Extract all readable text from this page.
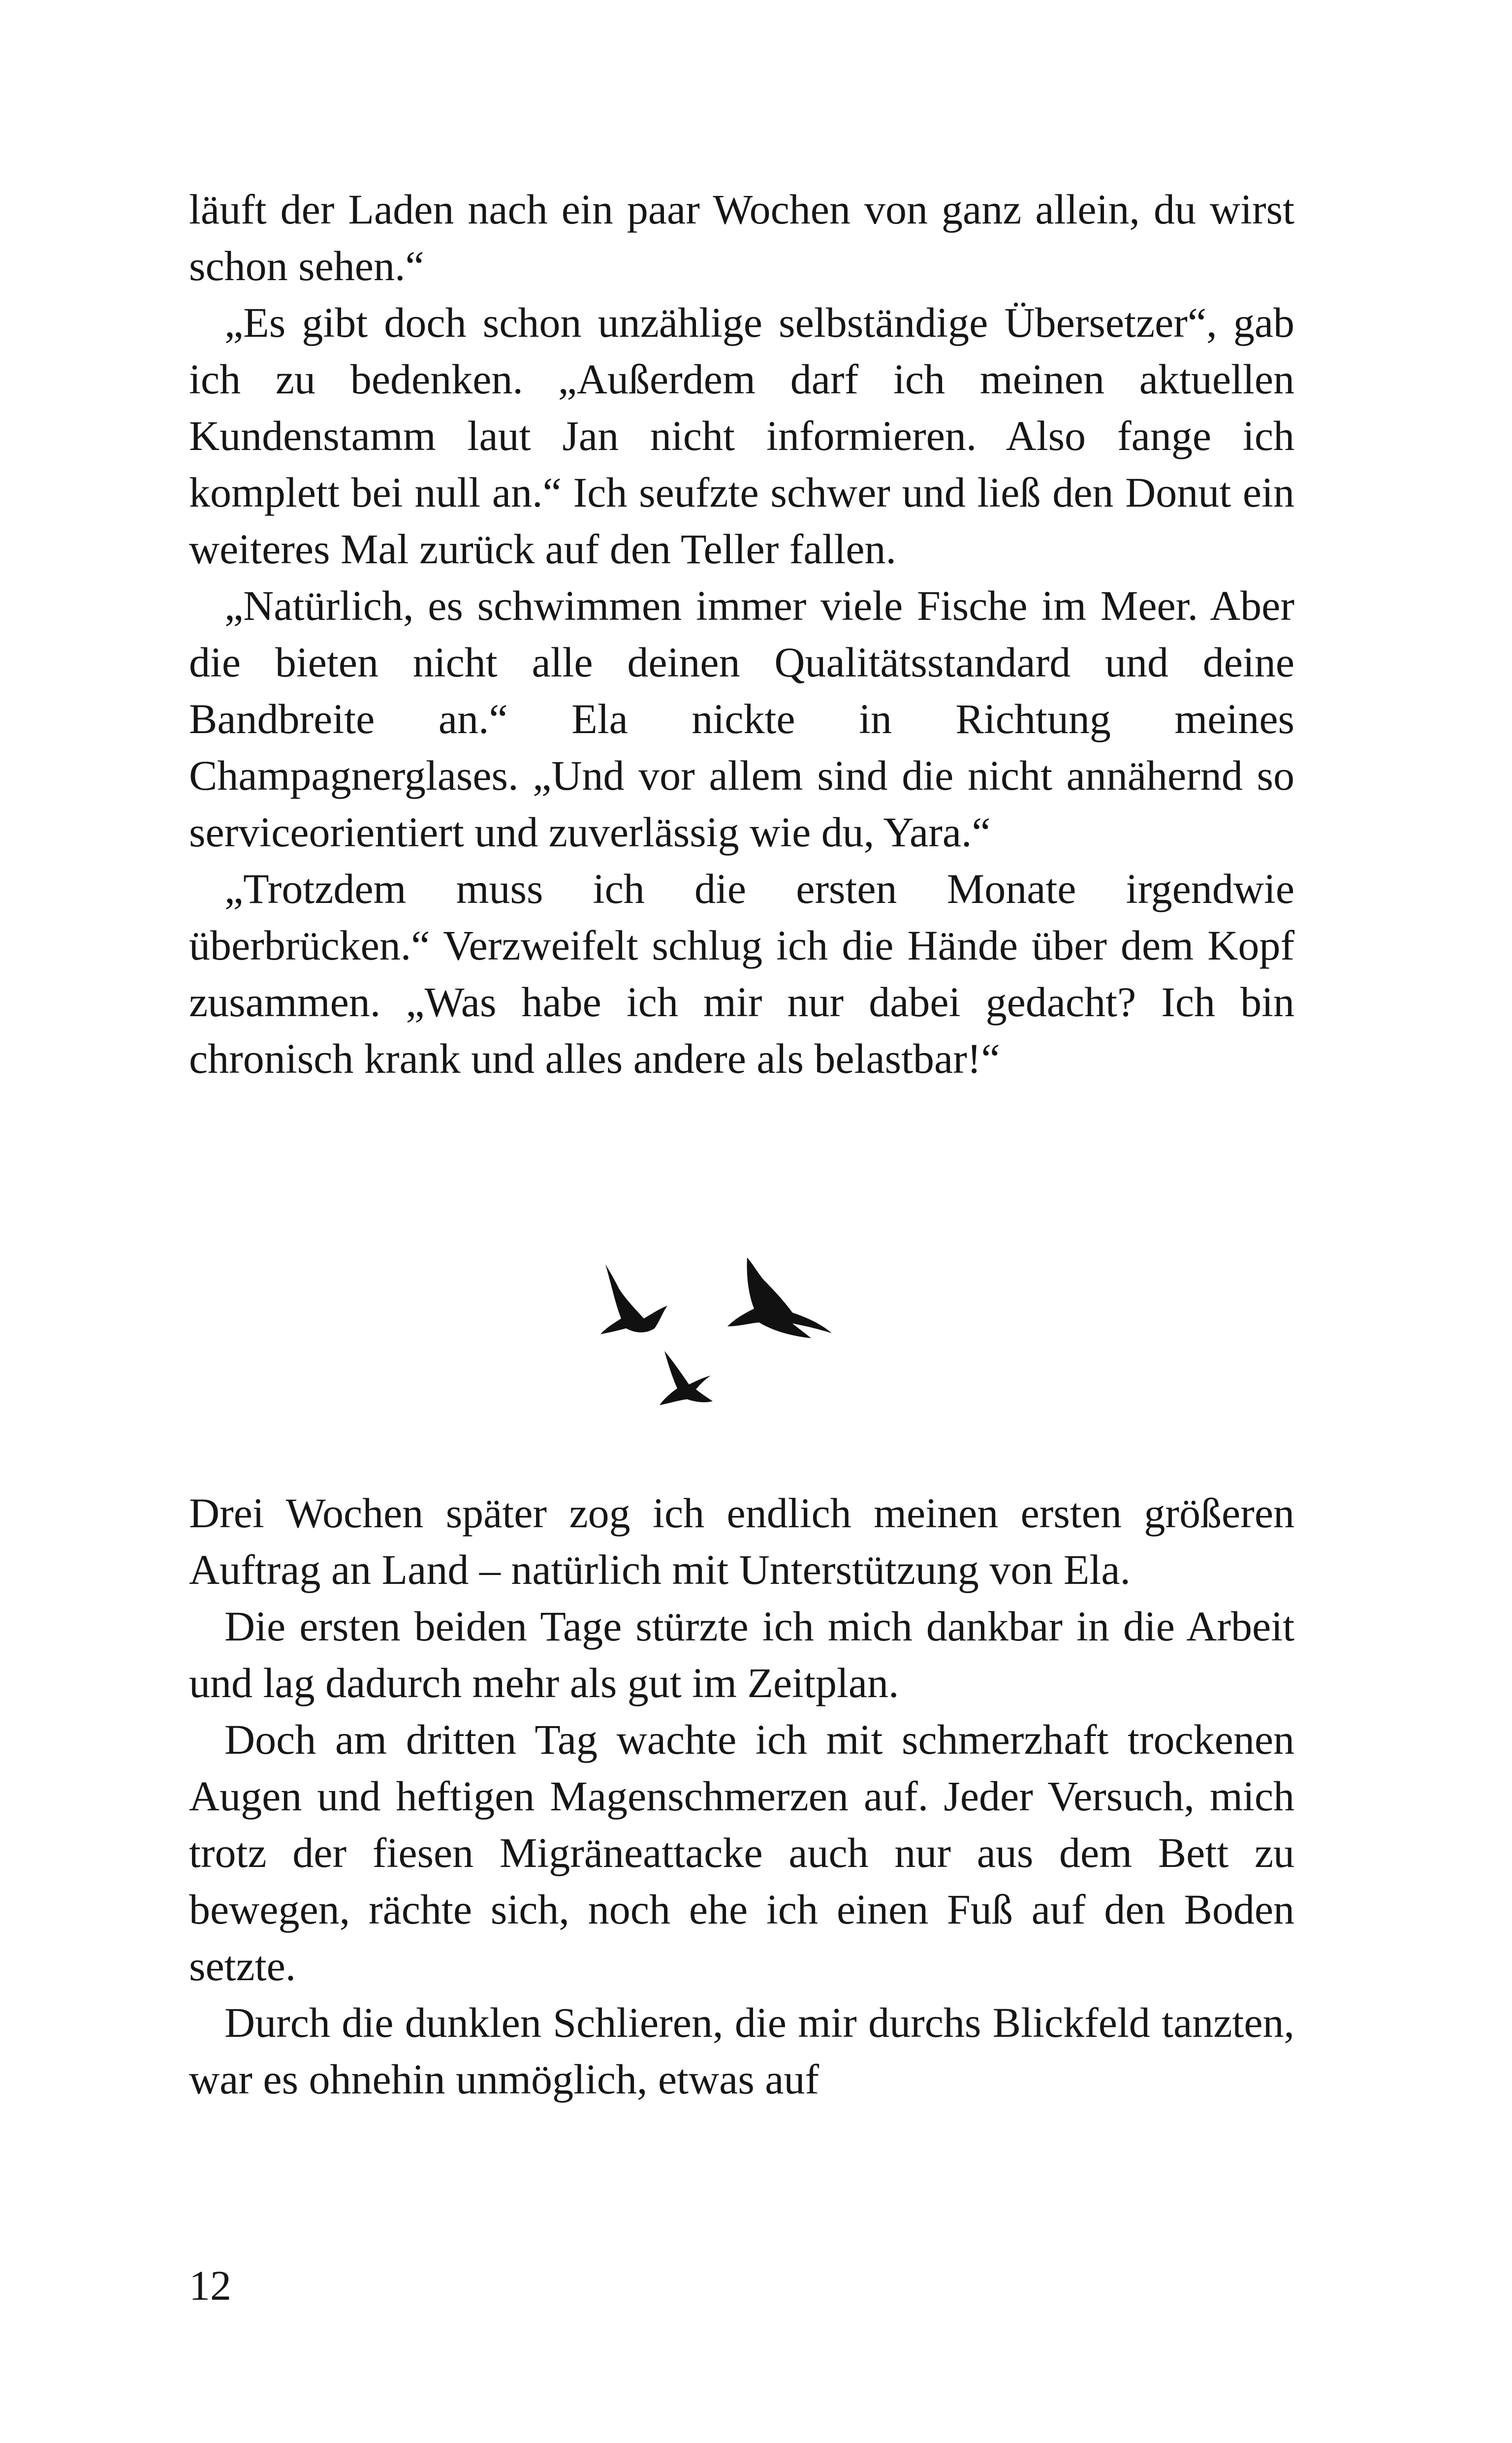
läuft der Laden nach ein paar Wochen von ganz allein, du wirst schon sehen.“

„Es gibt doch schon unzählige selbständige Übersetzer“, gab ich zu bedenken. „Außerdem darf ich meinen aktuellen Kundenstamm laut Jan nicht informieren. Also fange ich komplett bei null an.“ Ich seufzte schwer und ließ den Donut ein weiteres Mal zurück auf den Teller fallen.

„Natürlich, es schwimmen immer viele Fische im Meer. Aber die bieten nicht alle deinen Qualitätsstandard und deine Bandbreite an.“ Ela nickte in Richtung meines Champagnerglases. „Und vor allem sind die nicht annähernd so serviceorientiert und zuverlässig wie du, Yara.“

„Trotzdem muss ich die ersten Monate irgendwie überbrücken.“ Verzweifelt schlug ich die Hände über dem Kopf zusammen. „Was habe ich mir nur dabei gedacht? Ich bin chronisch krank und alles andere als belastbar!“

Drei Wochen später zog ich endlich meinen ersten größeren Auftrag an Land – natürlich mit Unterstützung von Ela.

Die ersten beiden Tage stürzte ich mich dankbar in die Arbeit und lag dadurch mehr als gut im Zeitplan.

Doch am dritten Tag wachte ich mit schmerzhaft trockenen Augen und heftigen Magenschmerzen auf. Jeder Versuch, mich trotz der fiesen Migräneattacke auch nur aus dem Bett zu bewegen, rächte sich, noch ehe ich einen Fuß auf den Boden setzte.

Durch die dunklen Schlieren, die mir durchs Blickfeld tanzten, war es ohnehin unmöglich, etwas auf

12
